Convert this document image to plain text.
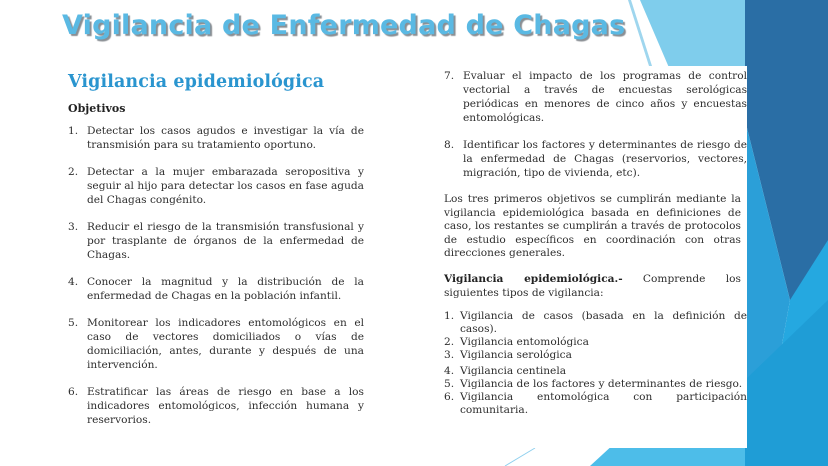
Vigilancia de Enfermedad de Chagas
Vigilancia epidemiológica
Objetivos
1. Detectar los casos agudos e investigar la vía de transmisión para su tratamiento oportuno.
2. Detectar a la mujer embarazada seropositiva y seguir al hijo para detectar los casos en fase aguda del Chagas congénito.
3. Reducir el riesgo de la transmisión transfusional y por trasplante de órganos de la enfermedad de Chagas.
4. Conocer la magnitud y la distribución de la enfermedad de Chagas en la población infantil.
5. Monitorear los indicadores entomológicos en el caso de vectores domiciliados o vías de domiciliación, antes, durante y después de una intervención.
6. Estratificar las áreas de riesgo en base a los indicadores entomológicos, infección humana y reservorios.
7. Evaluar el impacto de los programas de control vectorial a través de encuestas serológicas periódicas en menores de cinco años y encuestas entomológicas.
8. Identificar los factores y determinantes de riesgo de la enfermedad de Chagas (reservorios, vectores, migración, tipo de vivienda, etc).

Los tres primeros objetivos se cumplirán mediante la vigilancia epidemiológica basada en definiciones de caso, los restantes se cumplirán a través de protocolos de estudio específicos en coordinación con otras direcciones generales.

Vigilancia epidemiológica.- Comprende los siguientes tipos de vigilancia:

1. Vigilancia de casos (basada en la definición de casos).
2. Vigilancia entomológica
3. Vigilancia serológica
4. Vigilancia centinela
5. Vigilancia de los factores y determinantes de riesgo.
6. Vigilancia entomológica con participación comunitaria.
